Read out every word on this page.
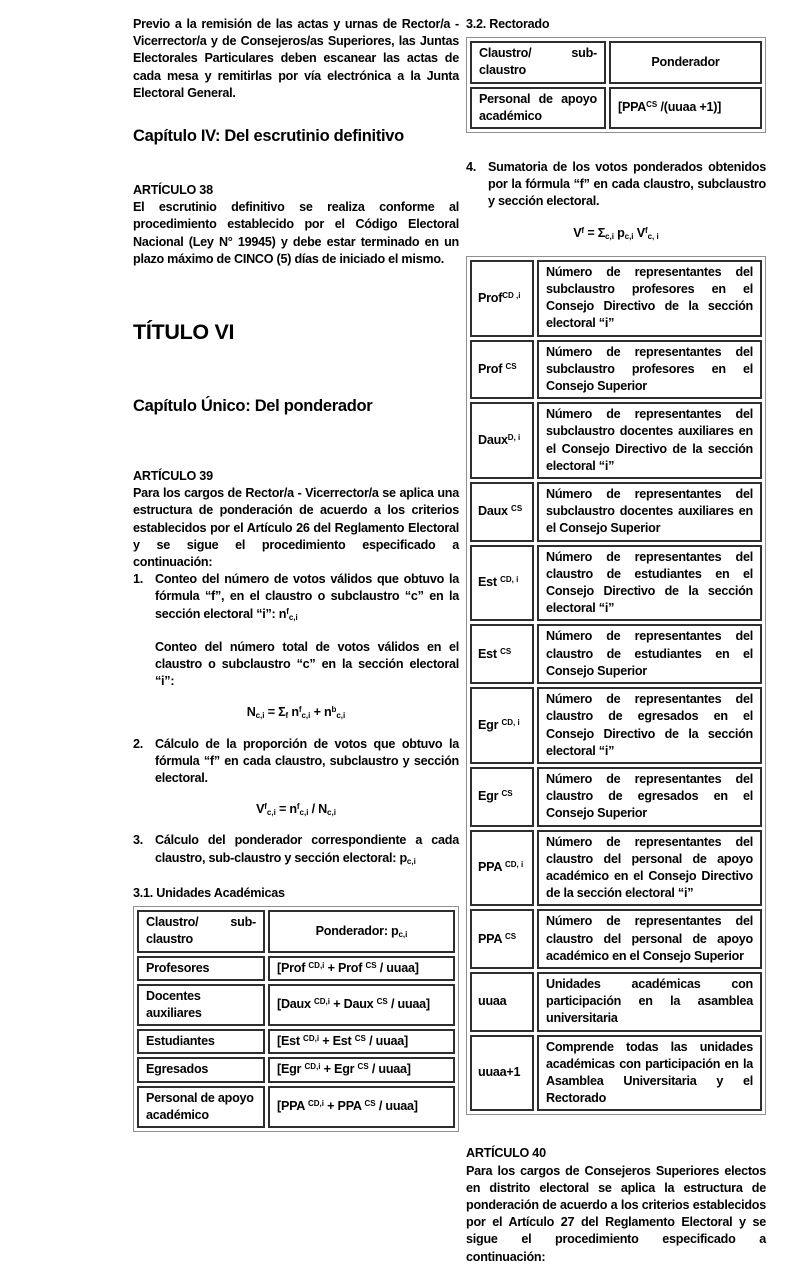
Previo a la remisión de las actas y urnas de Rector/a - Vicerrector/a y de Consejeros/as Superiores, las Juntas Electorales Particulares deben escanear las actas de cada mesa y remitirlas por vía electrónica a la Junta Electoral General.

Capítulo IV: Del escrutinio definitivo
ARTÍCULO 38

El escrutinio definitivo se realiza conforme al procedimiento establecido por el Código Electoral Nacional (Ley N° 19945) y debe estar terminado en un plazo máximo de CINCO (5) días de iniciado el mismo.

TÍTULO VI
Capítulo Único: Del ponderador
ARTÍCULO 39

Para los cargos de Rector/a - Vicerrector/a se aplica una estructura de ponderación de acuerdo a los criterios establecidos por el Artículo 26 del Reglamento Electoral y se sigue el procedimiento especificado a continuación:

1. Conteo del número de votos válidos que obtuvo la fórmula “f”, en el claustro o subclaustro “c” en la sección electoral “i”: $n^f_{c,i}$

Conteo del número total de votos válidos en el claustro o subclaustro “c” en la sección electoral “i”:

$N_{c,i} = \Sigma_f$ $n^f_{c,i} + n^b_{c,i}$
2. Cálculo de la proporción de votos que obtuvo la fórmula “f” en cada claustro, subclaustro y sección electoral.
$V^f_{c,i} = n^f_{c,i} / N_{c,i}$
3. Cálculo del ponderador correspondiente a cada claustro, sub-claustro y sección electoral: $p_{c,i}$
3.1. Unidades Académicas
Claustro/ sub-claustro	Ponderador: $p_{c,i}$
Profesores	[Prof $^{CD,i}$ + Prof $^{CS}$ / uuaa]
Docentes auxiliares	[Daux $^{CD,i}$ + Daux $^{CS}$ / uuaa]
Estudiantes	[Est $^{CD,i}$ + Est $^{CS}$ / uuaa]
Egresados	[Egr $^{CD,i}$ + Egr $^{CS}$ / uuaa]
Personal de apoyo académico	[PPA $^{CD,i}$ + PPA $^{CS}$ / uuaa]
3.2. Rectorado
Claustro/ sub-claustro	Ponderador
Personal de apoyo académico	[$PPA^{CS}$ /(uuaa +1)]
4. Sumatoria de los votos ponderados obtenidos por la fórmula “f” en cada claustro, subclaustro y sección electoral.
$V^f = \Sigma_{c,i}$ $p_{c,i}$ $V^f_{c, i}$
Prof$^{CD ,i}$	Número de representantes del subclaustro profesores en el Consejo Directivo de la sección electoral “i”
Prof $^{CS}$	Número de representantes del subclaustro profesores en el Consejo Superior
Daux$^{D, i}$	Número de representantes del subclaustro docentes auxiliares en el Consejo Directivo de la sección electoral “i”
Daux $^{CS}$	Número de representantes del subclaustro docentes auxiliares en el Consejo Superior
Est $^{CD, i}$	Número de representantes del claustro de estudiantes en el Consejo Directivo de la sección electoral “i”
Est $^{CS}$	Número de representantes del claustro de estudiantes en el Consejo Superior
Egr $^{CD, i}$	Número de representantes del claustro de egresados en el Consejo Directivo de la sección electoral “i”
Egr $^{CS}$	Número de representantes del claustro de egresados en el Consejo Superior
PPA $^{CD, i}$	Número de representantes del claustro del personal de apoyo académico en el Consejo Directivo de la sección electoral “i”
PPA $^{CS}$	Número de representantes del claustro del personal de apoyo académico en el Consejo Superior
uuaa	Unidades académicas con participación en la asamblea universitaria
uuaa+1	Comprende todas las unidades académicas con participación en la Asamblea Universitaria y el Rectorado
ARTÍCULO 40

Para los cargos de Consejeros Superiores electos en distrito electoral se aplica la estructura de ponderación de acuerdo a los criterios establecidos por el Artículo 27 del Reglamento Electoral y se sigue el procedimiento especificado a continuación:
